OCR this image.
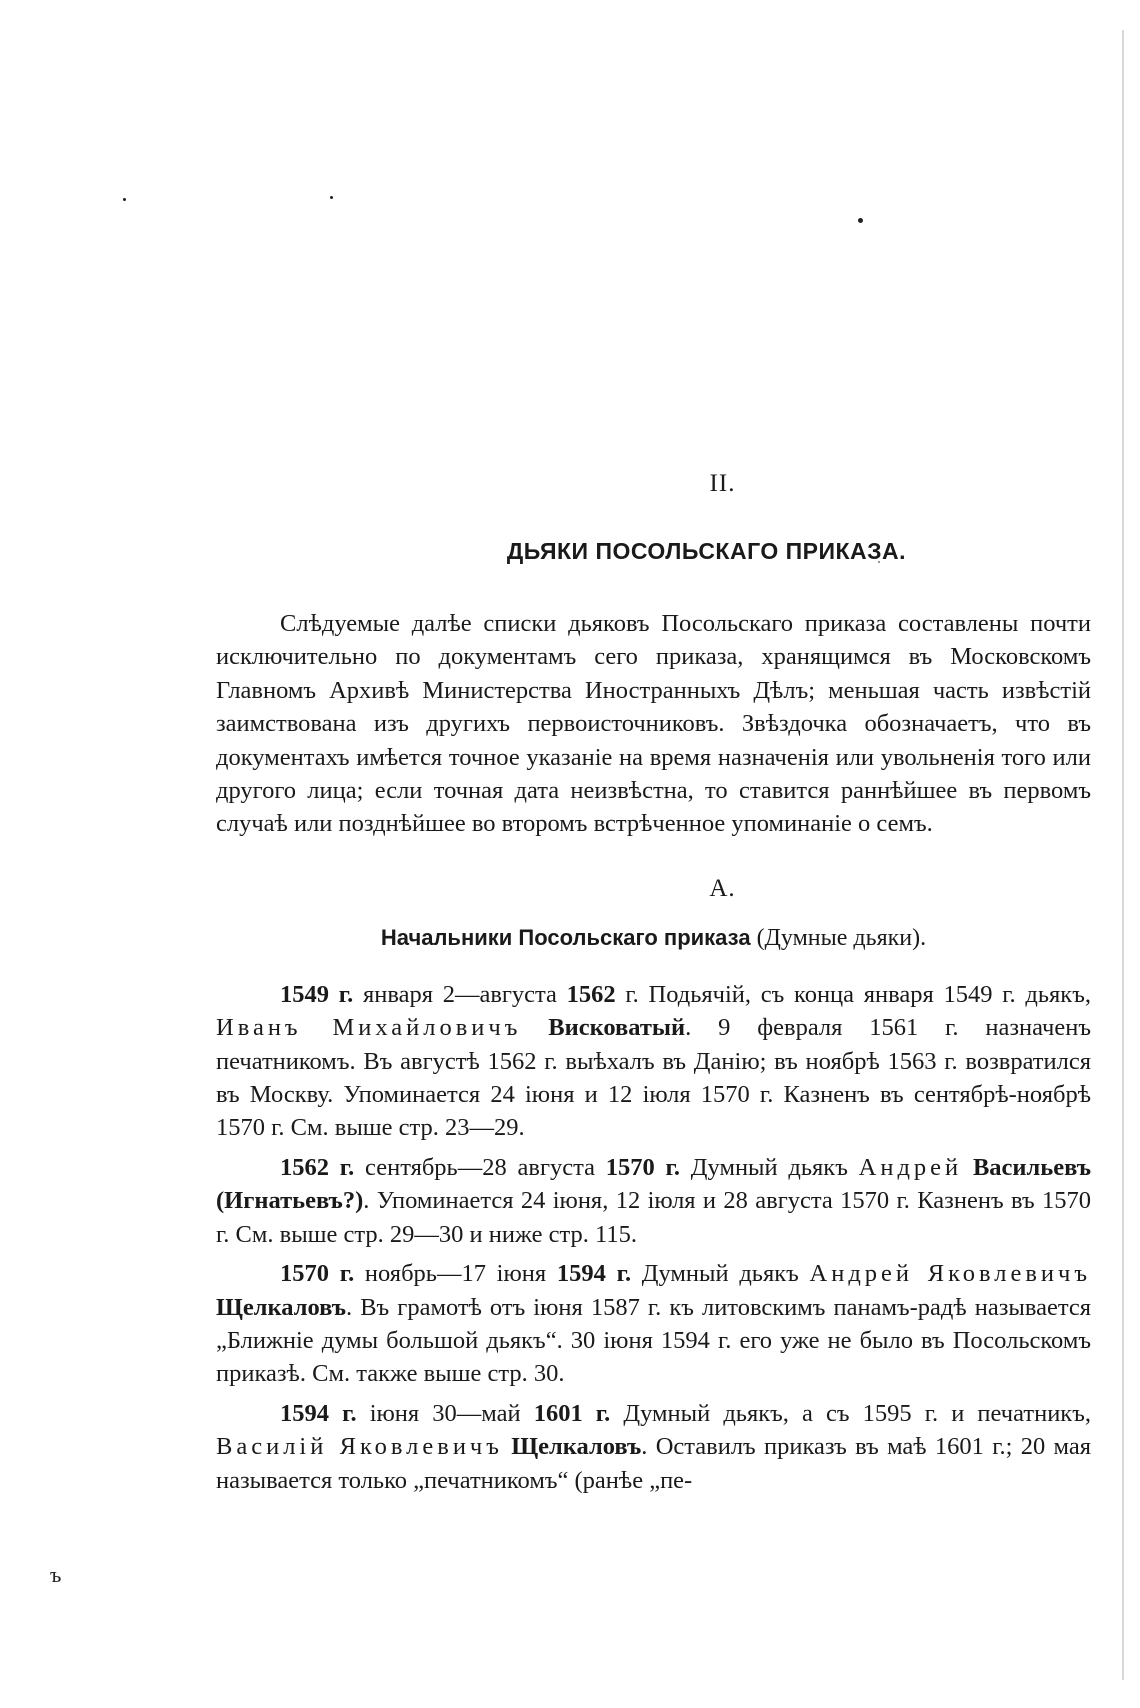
II.
ДЬЯКИ ПОСОЛЬСКАГО ПРИКАЗА.

Слѣдуемые далѣе списки дьяковъ Посольскаго приказа составлены почти исключительно по документамъ сего приказа, хранящимся въ Московскомъ Главномъ Архивѣ Министерства Иностранныхъ Дѣлъ; меньшая часть извѣстій заимствована изъ другихъ первоисточниковъ. Звѣздочка обозначаетъ, что въ документахъ имѣется точное указаніе на время назначенія или увольненія того или другого лица; если точная дата неизвѣстна, то ставится раннѣйшее въ первомъ случаѣ или позднѣйшее во второмъ встрѣченное упоминаніе о семъ.

А.
Начальники Посольскаго приказа (Думные дьяки).

1549 г. января 2—августа 1562 г. Подьячій, съ конца января 1549 г. дьякъ, Иванъ Михайловичъ Висковатый. 9 февраля 1561 г. назначенъ печатникомъ. Въ августѣ 1562 г. выѣхалъ въ Данію; въ ноябрѣ 1563 г. возвратился въ Москву. Упоминается 24 іюня и 12 іюля 1570 г. Казненъ въ сентябрѣ-ноябрѣ 1570 г. См. выше стр. 23—29.

1562 г. сентябрь—28 августа 1570 г. Думный дьякъ Андрей Васильевъ (Игнатьевъ?). Упоминается 24 іюня, 12 іюля и 28 августа 1570 г. Казненъ въ 1570 г. См. выше стр. 29—30 и ниже стр. 115.

1570 г. ноябрь—17 іюня 1594 г. Думный дьякъ Андрей Яковлевичъ Щелкаловъ. Въ грамотѣ отъ іюня 1587 г. къ литовскимъ панамъ-радѣ называется „Ближніе думы большой дьякъ“. 30 іюня 1594 г. его уже не было въ Посольскомъ приказѣ. См. также выше стр. 30.

1594 г. іюня 30—май 1601 г. Думный дьякъ, а съ 1595 г. и печатникъ, Василій Яковлевичъ Щелкаловъ. Оставилъ приказъ въ маѣ 1601 г.; 20 мая называется только „печатникомъ“ (ранѣе „пе-

ъ
